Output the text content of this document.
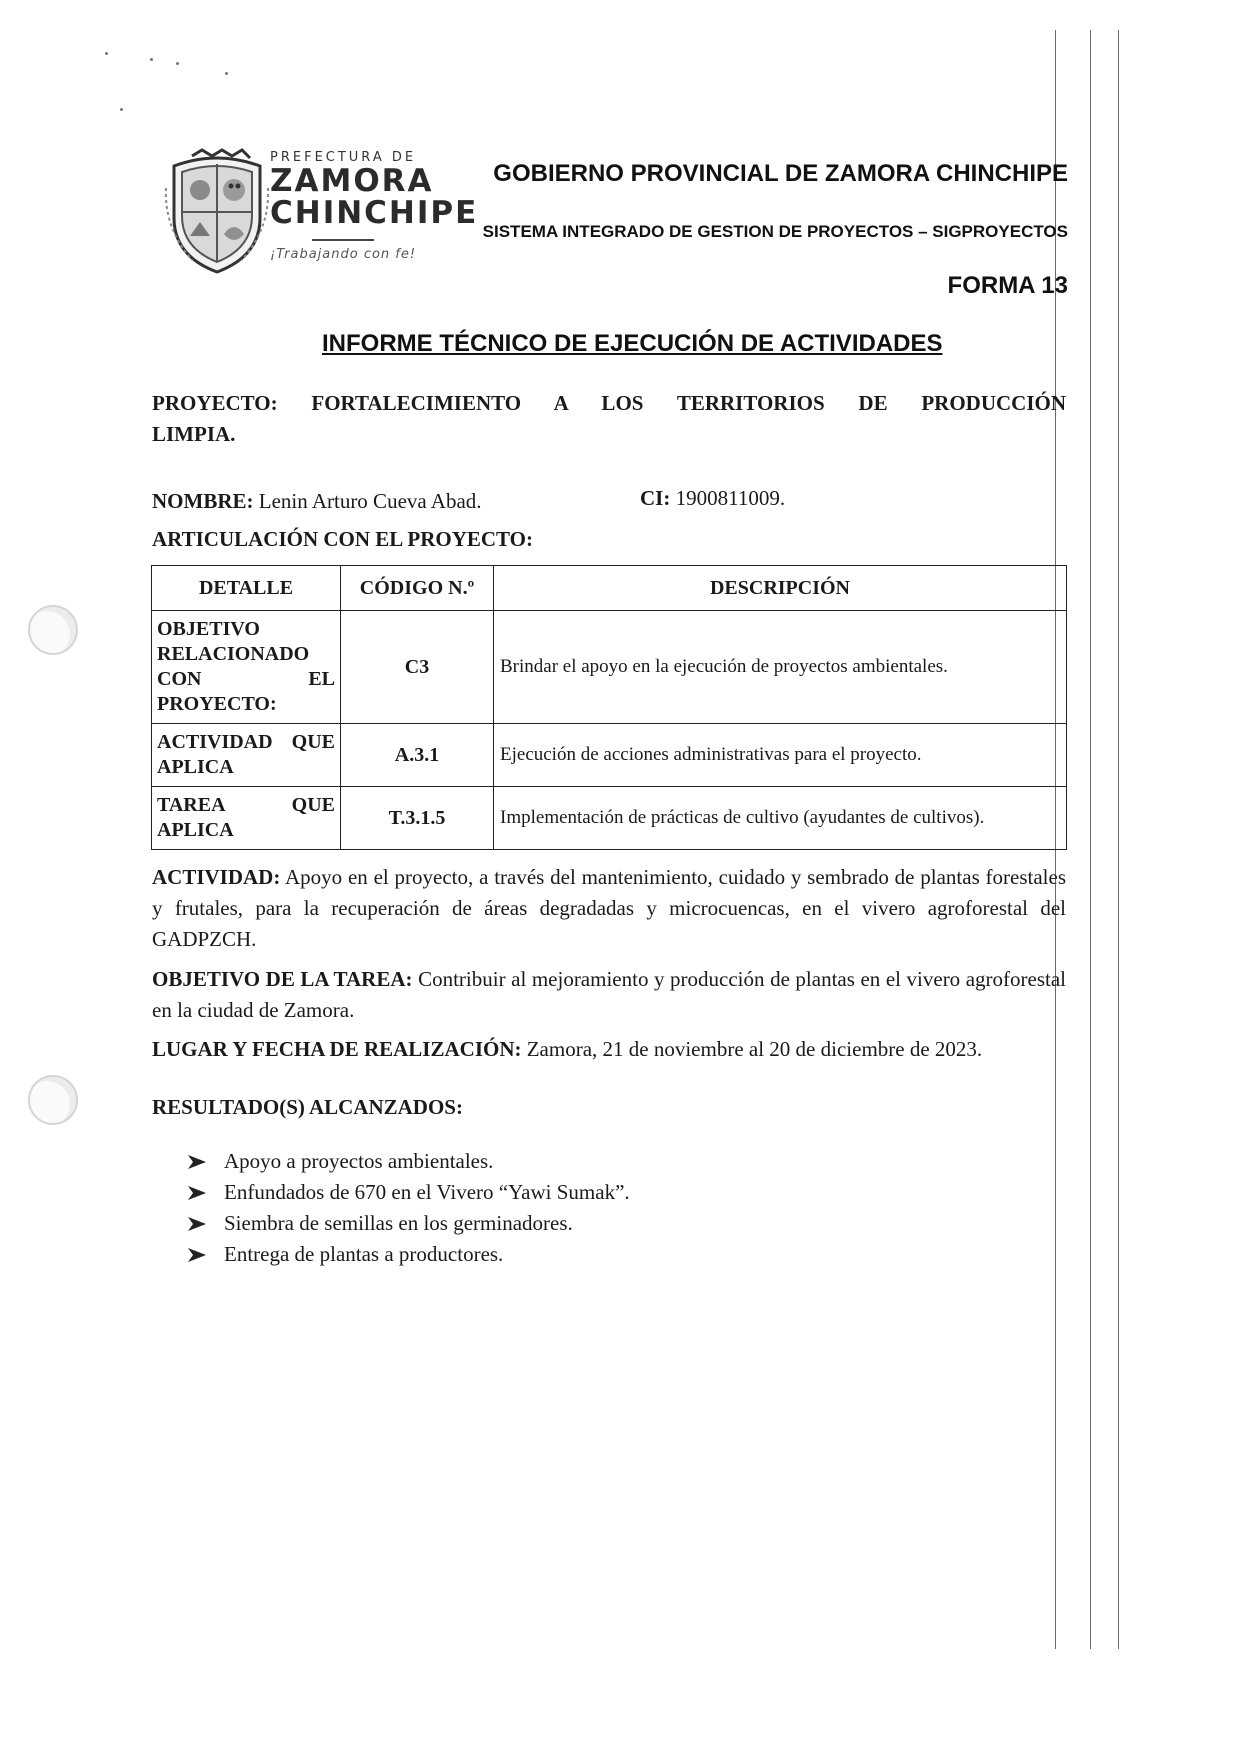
PREFECTURA DE
ZAMORA
CHINCHIPE
¡Trabajando con fe!
GOBIERNO PROVINCIAL DE ZAMORA CHINCHIPE
SISTEMA INTEGRADO DE GESTION DE PROYECTOS – SIGPROYECTOS
FORMA 13
INFORME TÉCNICO DE EJECUCIÓN DE ACTIVIDADES
PROYECTO: FORTALECIMIENTO A LOS TERRITORIOS DE PRODUCCIÓN
LIMPIA.
NOMBRE: Lenin Arturo Cueva Abad.	CI: 1900811009.
ARTICULACIÓN CON EL PROYECTO:
DETALLE	CÓDIGO N.º	DESCRIPCIÓN
OBJETIVO RELACIONADO CON EL PROYECTO:	C3	Brindar el apoyo en la ejecución de proyectos ambientales.
ACTIVIDAD QUE APLICA	A.3.1	Ejecución de acciones administrativas para el proyecto.
TAREA QUE APLICA	T.3.1.5	Implementación de prácticas de cultivo (ayudantes de cultivos).
ACTIVIDAD: Apoyo en el proyecto, a través del mantenimiento, cuidado y sembrado de plantas forestales y frutales, para la recuperación de áreas degradadas y microcuencas, en el vivero agroforestal del GADPZCH.
OBJETIVO DE LA TAREA: Contribuir al mejoramiento y producción de plantas en el vivero agroforestal en la ciudad de Zamora.
LUGAR Y FECHA DE REALIZACIÓN: Zamora, 21 de noviembre al 20 de diciembre de 2023.
RESULTADO(S) ALCANZADOS:
Apoyo a proyectos ambientales.
Enfundados de 670 en el Vivero “Yawi Sumak”.
Siembra de semillas en los germinadores.
Entrega de plantas a productores.
